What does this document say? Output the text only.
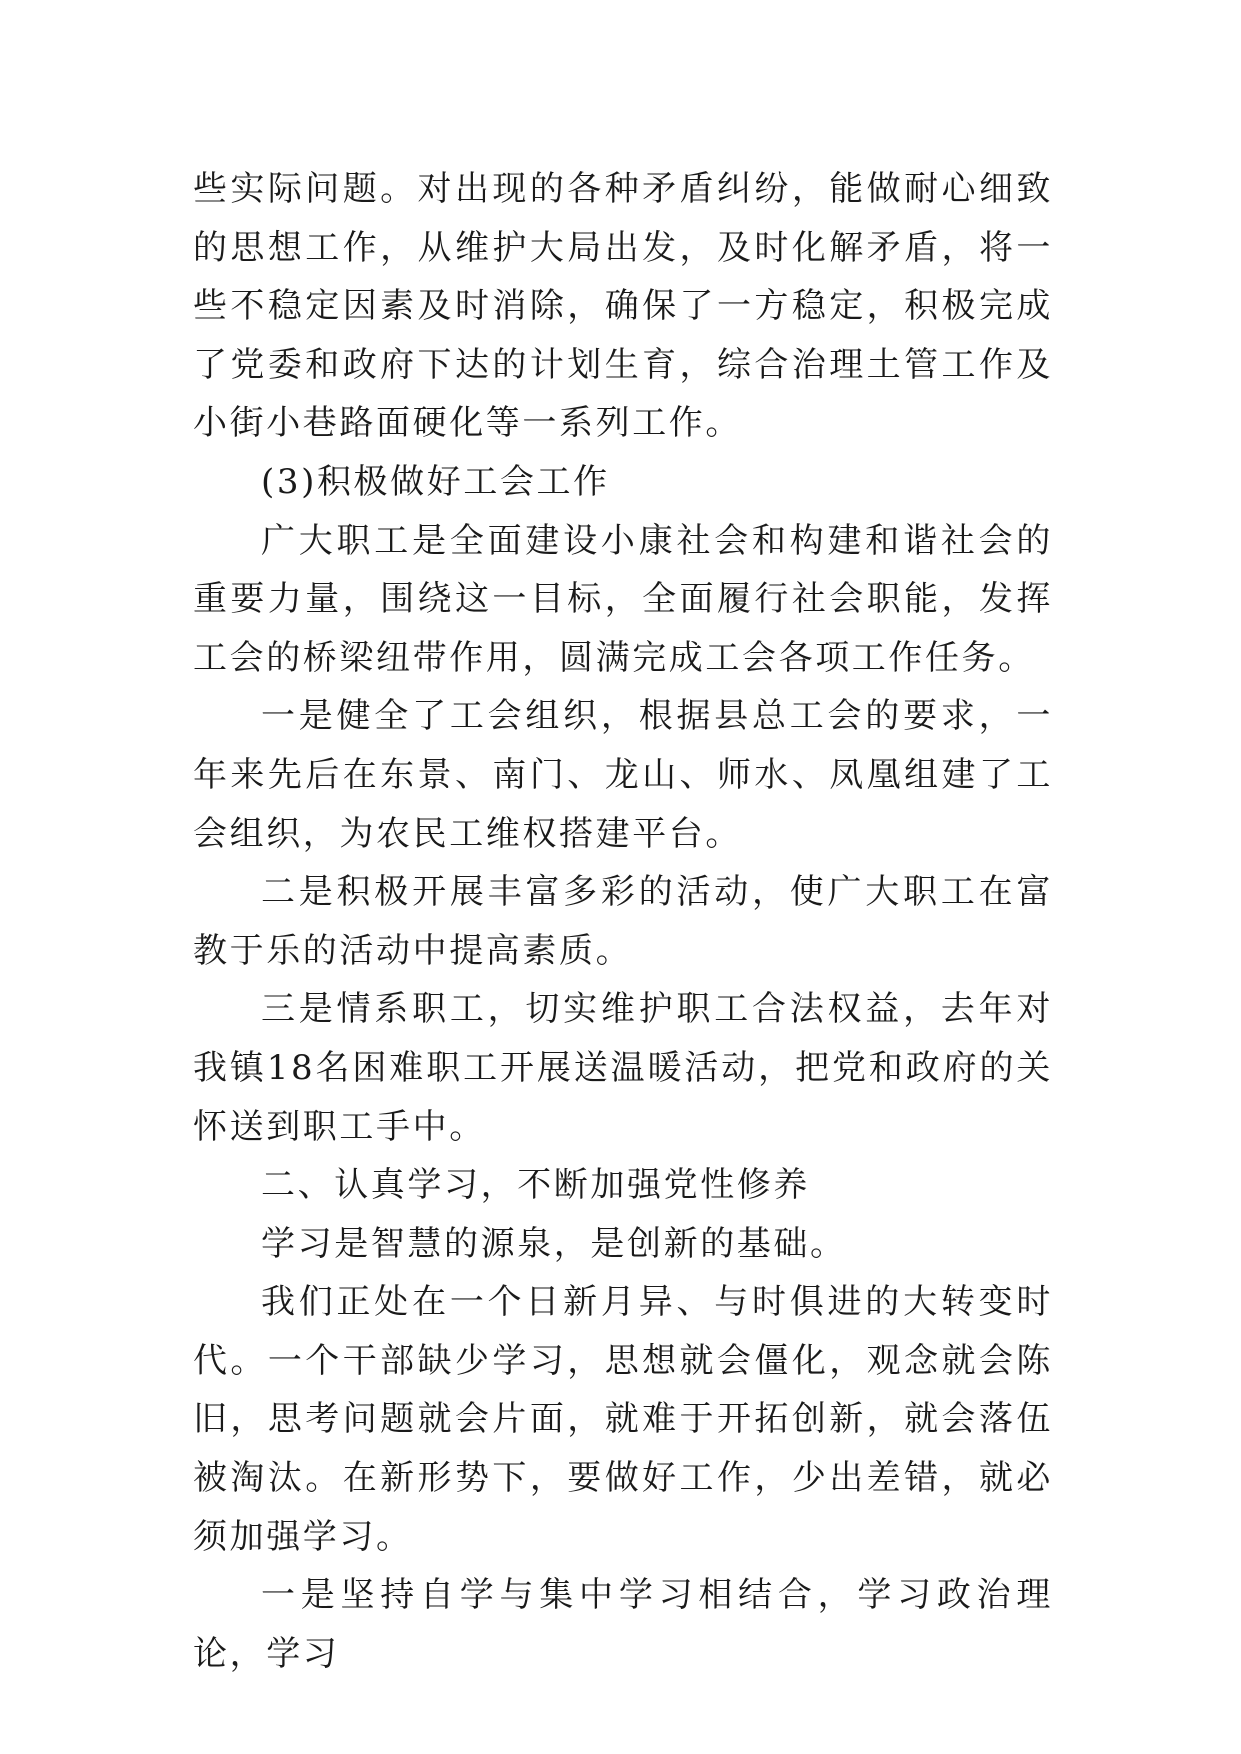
些实际问题。对出现的各种矛盾纠纷，能做耐心细致的思想工作，从维护大局出发，及时化解矛盾，将一些不稳定因素及时消除，确保了一方稳定，积极完成了党委和政府下达的计划生育，综合治理土管工作及小街小巷路面硬化等一系列工作。

(3)积极做好工会工作

广大职工是全面建设小康社会和构建和谐社会的重要力量，围绕这一目标，全面履行社会职能，发挥工会的桥梁纽带作用，圆满完成工会各项工作任务。

一是健全了工会组织，根据县总工会的要求，一年来先后在东景、南门、龙山、师水、凤凰组建了工会组织，为农民工维权搭建平台。

二是积极开展丰富多彩的活动，使广大职工在富教于乐的活动中提高素质。

三是情系职工，切实维护职工合法权益，去年对我镇18名困难职工开展送温暖活动，把党和政府的关怀送到职工手中。

二、认真学习，不断加强党性修养

学习是智慧的源泉，是创新的基础。

我们正处在一个日新月异、与时俱进的大转变时代。一个干部缺少学习，思想就会僵化，观念就会陈旧，思考问题就会片面，就难于开拓创新，就会落伍被淘汰。在新形势下，要做好工作，少出差错，就必须加强学习。

一是坚持自学与集中学习相结合，学习政治理论，学习
